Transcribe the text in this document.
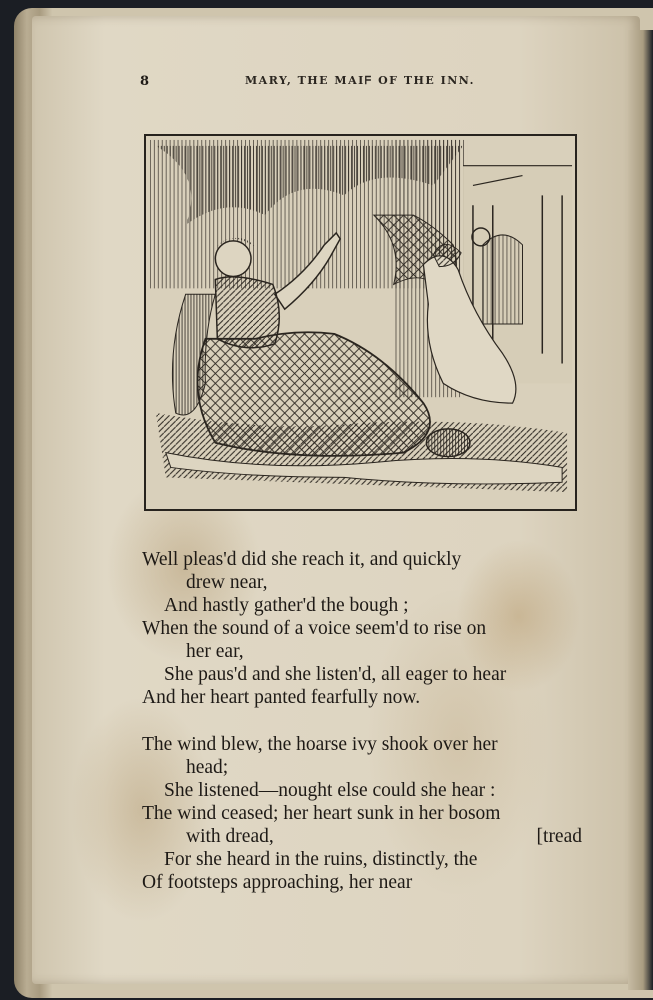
8	MARY, THE MAIᖴ OF THE INN.
Well pleas'd did she reach it, and quickly
drew near,
And hastly gather'd the bough ;
When the sound of a voice seem'd to rise on
her ear,
She paus'd and she listen'd, all eager to hear
And her heart panted fearfully now.
The wind blew, the hoarse ivy shook over her
head;
She listened—nought else could she hear :
The wind ceased; her heart sunk in her bosom
with dread,	[tread
For she heard in the ruins, distinctly, the
Of footsteps approaching, her near
